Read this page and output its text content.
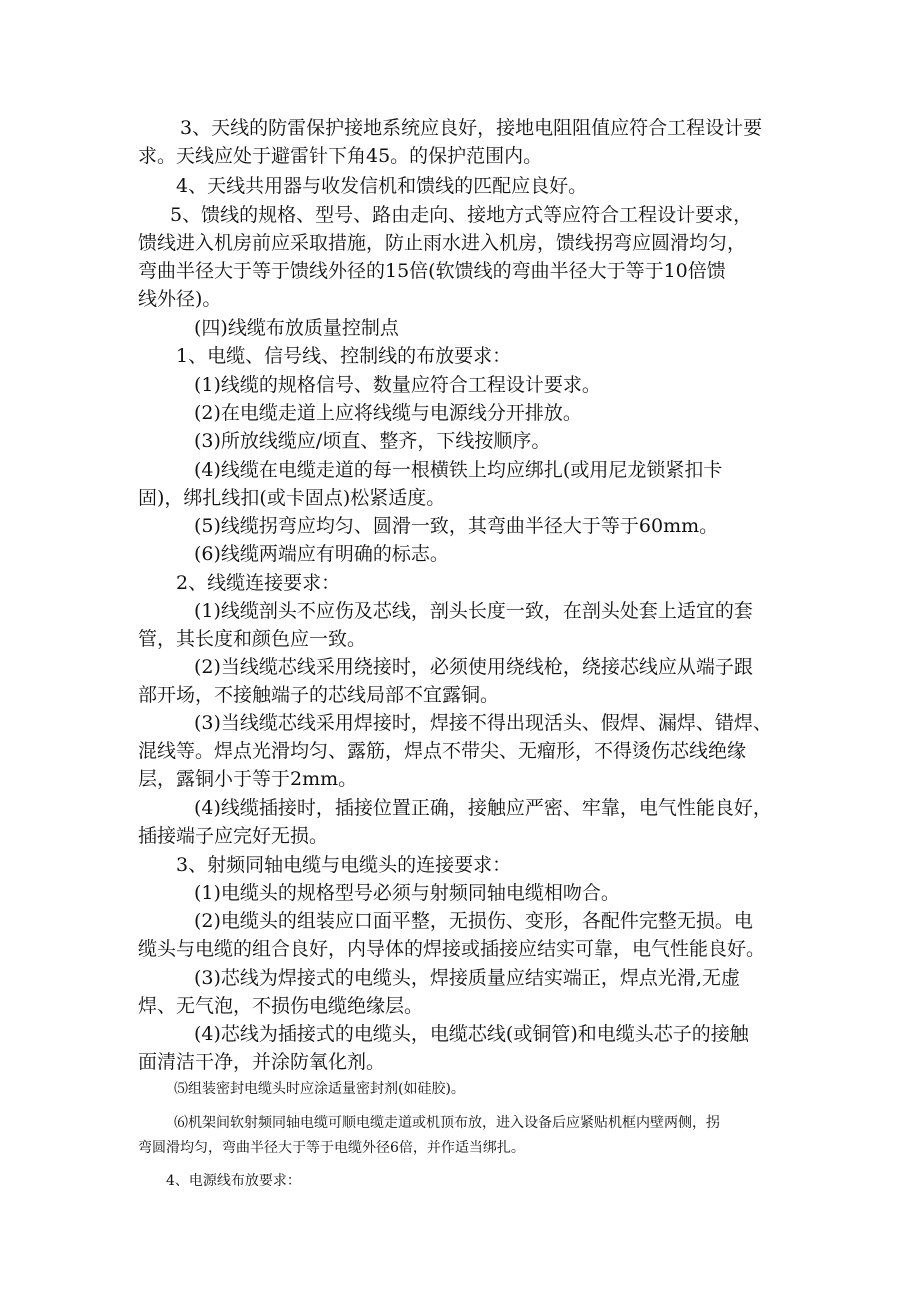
3、天线的防雷保护接地系统应良好，接地电阻阻值应符合工程设计要
求。天线应处于避雷针下角45。的保护范围内。

4、天线共用器与收发信机和馈线的匹配应良好。

5、馈线的规格、型号、路由走向、接地方式等应符合工程设计要求，
馈线进入机房前应采取措施，防止雨水进入机房，馈线拐弯应圆滑均匀，
弯曲半径大于等于馈线外径的15倍(软馈线的弯曲半径大于等于10倍馈
线外径)。

(四)线缆布放质量控制点

1、电缆、信号线、控制线的布放要求：

(1)线缆的规格信号、数量应符合工程设计要求。

(2)在电缆走道上应将线缆与电源线分开排放。

(3)所放线缆应/顷直、整齐，下线按顺序。

(4)线缆在电缆走道的每一根横铁上均应绑扎(或用尼龙锁紧扣卡
固)，绑扎线扣(或卡固点)松紧适度。

(5)线缆拐弯应均匀、圆滑一致，其弯曲半径大于等于60mm。

(6)线缆两端应有明确的标志。

2、线缆连接要求：

(1)线缆剖头不应伤及芯线，剖头长度一致，在剖头处套上适宜的套
管，其长度和颜色应一致。

(2)当线缆芯线采用绕接时，必须使用绕线枪，绕接芯线应从端子跟
部开场，不接触端子的芯线局部不宜露铜。

(3)当线缆芯线采用焊接时，焊接不得出现活头、假焊、漏焊、错焊、
混线等。焊点光滑均匀、露筋，焊点不带尖、无瘤形，不得烫伤芯线绝缘
层，露铜小于等于2mm。

(4)线缆插接时，插接位置正确，接触应严密、牢靠，电气性能良好，
插接端子应完好无损。

3、射频同轴电缆与电缆头的连接要求：

(1)电缆头的规格型号必须与射频同轴电缆相吻合。

(2)电缆头的组装应口面平整，无损伤、变形，各配件完整无损。电
缆头与电缆的组合良好，内导体的焊接或插接应结实可靠，电气性能良好。

(3)芯线为焊接式的电缆头，焊接质量应结实端正，焊点光滑,无虚
焊、无气泡，不损伤电缆绝缘层。

(4)芯线为插接式的电缆头，电缆芯线(或铜管)和电缆头芯子的接触
面清洁干净，并涂防氧化剂。

⑸组装密封电缆头时应涂适量密封剂(如硅胶)。

⑹机架间软射频同轴电缆可顺电缆走道或机顶布放，进入设备后应紧贴机框内壁两侧，拐
弯圆滑均匀，弯曲半径大于等于电缆外径6倍，并作适当绑扎。

4、电源线布放要求：
